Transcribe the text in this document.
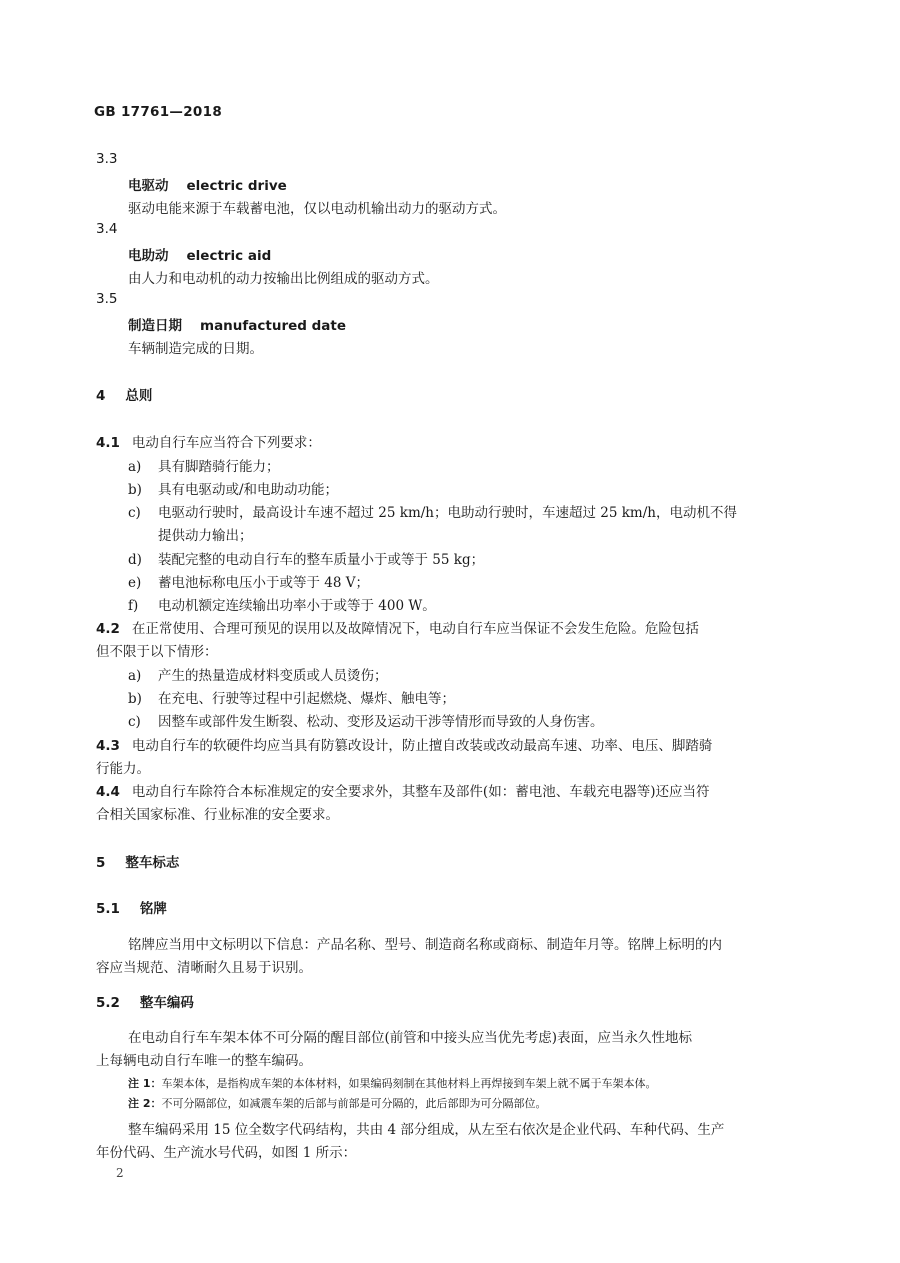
GB 17761—2018
3.3
电驱动 electric drive
驱动电能来源于车载蓄电池，仅以电动机输出动力的驱动方式。
3.4
电助动 electric aid
由人力和电动机的动力按输出比例组成的驱动方式。
3.5
制造日期 manufactured date
车辆制造完成的日期。
4 总则
4.1 电动自行车应当符合下列要求：
a) 具有脚踏骑行能力；
b) 具有电驱动或/和电助动功能；
c) 电驱动行驶时，最高设计车速不超过 25 km/h；电助动行驶时，车速超过 25 km/h，电动机不得
提供动力输出；
d) 装配完整的电动自行车的整车质量小于或等于 55 kg；
e) 蓄电池标称电压小于或等于 48 V；
f) 电动机额定连续输出功率小于或等于 400 W。
4.2 在正常使用、合理可预见的误用以及故障情况下，电动自行车应当保证不会发生危险。危险包括
但不限于以下情形：
a) 产生的热量造成材料变质或人员烫伤；
b) 在充电、行驶等过程中引起燃烧、爆炸、触电等；
c) 因整车或部件发生断裂、松动、变形及运动干涉等情形而导致的人身伤害。
4.3 电动自行车的软硬件均应当具有防篡改设计，防止擅自改装或改动最高车速、功率、电压、脚踏骑
行能力。
4.4 电动自行车除符合本标准规定的安全要求外，其整车及部件(如：蓄电池、车载充电器等)还应当符
合相关国家标准、行业标准的安全要求。
5 整车标志
5.1 铭牌
铭牌应当用中文标明以下信息：产品名称、型号、制造商名称或商标、制造年月等。铭牌上标明的内
容应当规范、清晰耐久且易于识别。
5.2 整车编码
在电动自行车车架本体不可分隔的醒目部位(前管和中接头应当优先考虑)表面，应当永久性地标
上每辆电动自行车唯一的整车编码。
注 1：车架本体，是指构成车架的本体材料，如果编码刻制在其他材料上再焊接到车架上就不属于车架本体。
注 2：不可分隔部位，如减震车架的后部与前部是可分隔的，此后部即为可分隔部位。
整车编码采用 15 位全数字代码结构，共由 4 部分组成，从左至右依次是企业代码、车种代码、生产
年份代码、生产流水号代码，如图 1 所示：
2
